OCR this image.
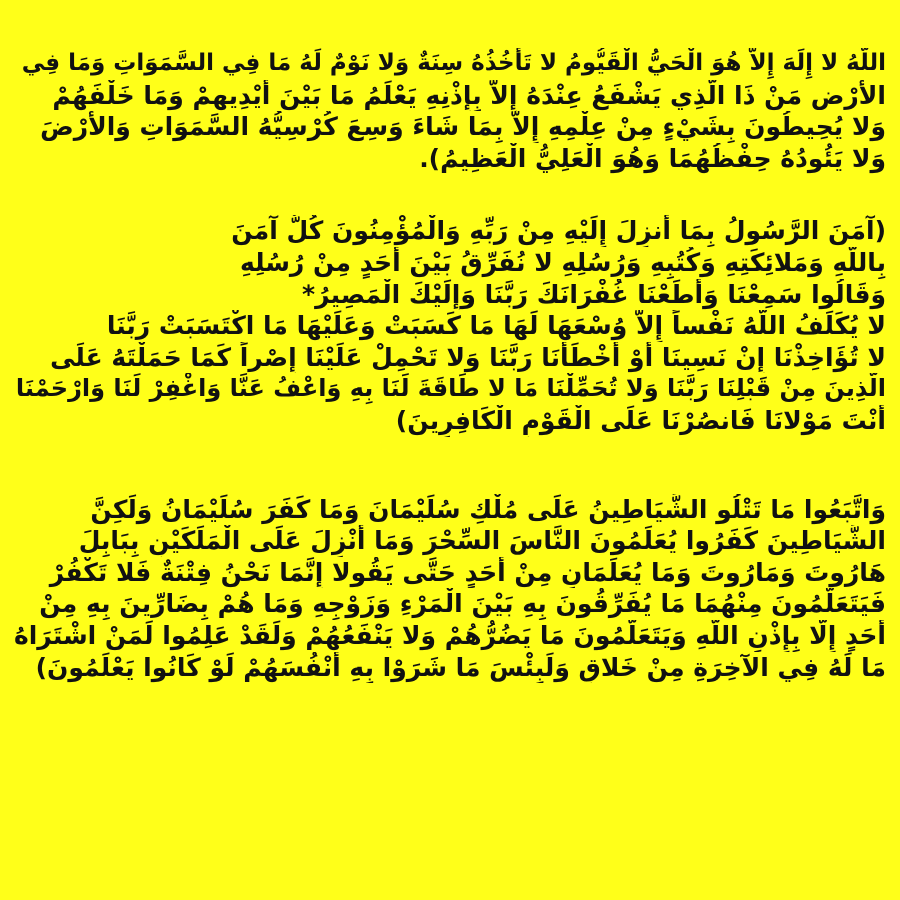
اللَّهُ لا إِلَهَ إِلاَّ هُوَ الْحَيُّ الْقَيُّومُ لا تَأْخُذُهُ سِنَةٌ وَلا نَوْمٌ لَهُ مَا فِي السَّمَوَاتِ وَمَا فِي
الأَرْضِ مَنْ ذَا الَّذِي يَشْفَعُ عِنْدَهُ إِلاَّ بِإِذْنِهِ يَعْلَمُ مَا بَيْنَ أَيْدِيهِمْ وَمَا خَلْفَهُمْ
وَلا يُحِيطُونَ بِشَيْءٍ مِنْ عِلْمِهِ إِلاَّ بِمَا شَاءَ وَسِعَ كُرْسِيُّهُ السَّمَوَاتِ وَالأَرْضَ
وَلا يَئُودُهُ حِفْظُهُمَا وَهُوَ الْعَلِيُّ الْعَظِيمُ).
(آمَنَ الرَّسُولُ بِمَا أُنزِلَ إِلَيْهِ مِنْ رَبِّهِ وَالْمُؤْمِنُونَ كُلٌّ آمَنَ
بِاللَّهِ وَمَلائِكَتِهِ وَكُتُبِهِ وَرُسُلِهِ لا نُفَرِّقُ بَيْنَ أَحَدٍ مِنْ رُسُلِهِ
وَقَالُوا سَمِعْنَا وَأَطَعْنَا غُفْرَانَكَ رَبَّنَا وَإِلَيْكَ الْمَصِيرُ*
لا يُكَلِّفُ اللَّهُ نَفْساً إِلاَّ وُسْعَهَا لَهَا مَا كَسَبَتْ وَعَلَيْهَا مَا اكْتَسَبَتْ رَبَّنَا
لا تُؤَاخِذْنَا إِنْ نَسِينَا أَوْ أَخْطَأْنَا رَبَّنَا وَلا تَحْمِلْ عَلَيْنَا إِصْراً كَمَا حَمَلْتَهُ عَلَى
الَّذِينَ مِنْ قَبْلِنَا رَبَّنَا وَلا تُحَمِّلْنَا مَا لا طَاقَةَ لَنَا بِهِ وَاعْفُ عَنَّا وَاغْفِرْ لَنَا وَارْحَمْنَا
أَنْتَ مَوْلانَا فَانصُرْنَا عَلَى الْقَوْمِ الْكَافِرِينَ)
وَاتَّبَعُوا مَا تَتْلُو الشَّيَاطِينُ عَلَى مُلْكِ سُلَيْمَانَ وَمَا كَفَرَ سُلَيْمَانُ وَلَكِنَّ
الشَّيَاطِينَ كَفَرُوا يُعَلِّمُونَ النَّاسَ السِّحْرَ وَمَا أُنْزِلَ عَلَى الْمَلَكَيْنِ بِبَابِلَ
هَارُوتَ وَمَارُوتَ وَمَا يُعَلِّمَانِ مِنْ أَحَدٍ حَتَّى يَقُولا إِنَّمَا نَحْنُ فِتْنَةٌ فَلا تَكْفُرْ
فَيَتَعَلَّمُونَ مِنْهُمَا مَا يُفَرِّقُونَ بِهِ بَيْنَ الْمَرْءِ وَزَوْجِهِ وَمَا هُمْ بِضَارِّينَ بِهِ مِنْ
أَحَدٍ إِلَّا بِإِذْنِ اللَّهِ وَيَتَعَلَّمُونَ مَا يَضُرُّهُمْ وَلا يَنْفَعُهُمْ وَلَقَدْ عَلِمُوا لَمَنْ اشْتَرَاهُ
مَا لَهُ فِي الآخِرَةِ مِنْ خَلاقٍ وَلَبِئْسَ مَا شَرَوْا بِهِ أَنْفُسَهُمْ لَوْ كَانُوا يَعْلَمُونَ)
